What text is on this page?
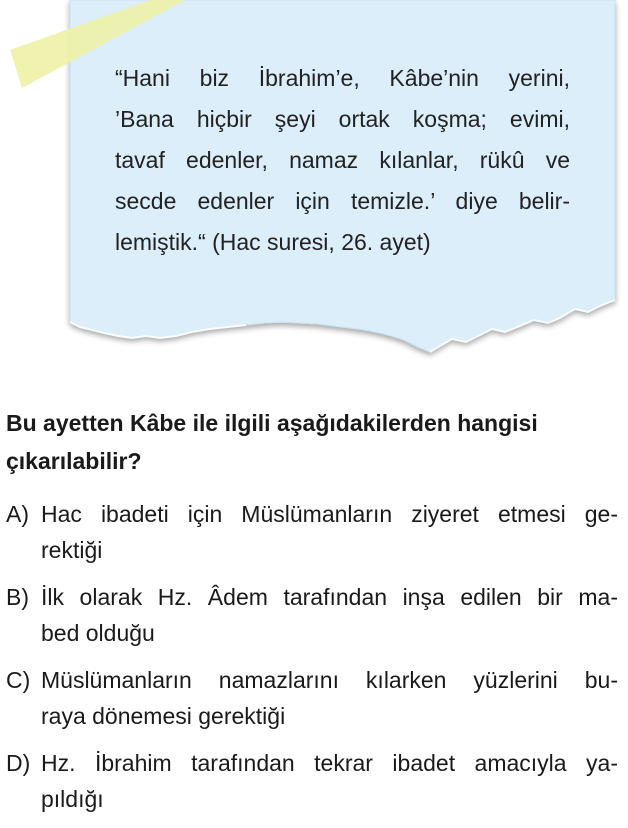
“Hani biz İbrahim’e, Kâbe’nin yerini,
’Bana hiçbir şeyi ortak koşma; evimi,
tavaf edenler, namaz kılanlar, rükû ve
secde edenler için temizle.’ diye belir-
lemiştik.“ (Hac suresi, 26. ayet)
Bu ayetten Kâbe ile ilgili aşağıdakilerden hangisi
çıkarılabilir?
A) Hac ibadeti için Müslümanların ziyeret etmesi ge-
rektiği
B) İlk olarak Hz. Âdem tarafından inşa edilen bir ma-
bed olduğu
C) Müslümanların namazlarını kılarken yüzlerini bu-
raya dönemesi gerektiği
D) Hz. İbrahim tarafından tekrar ibadet amacıyla ya-
pıldığı
